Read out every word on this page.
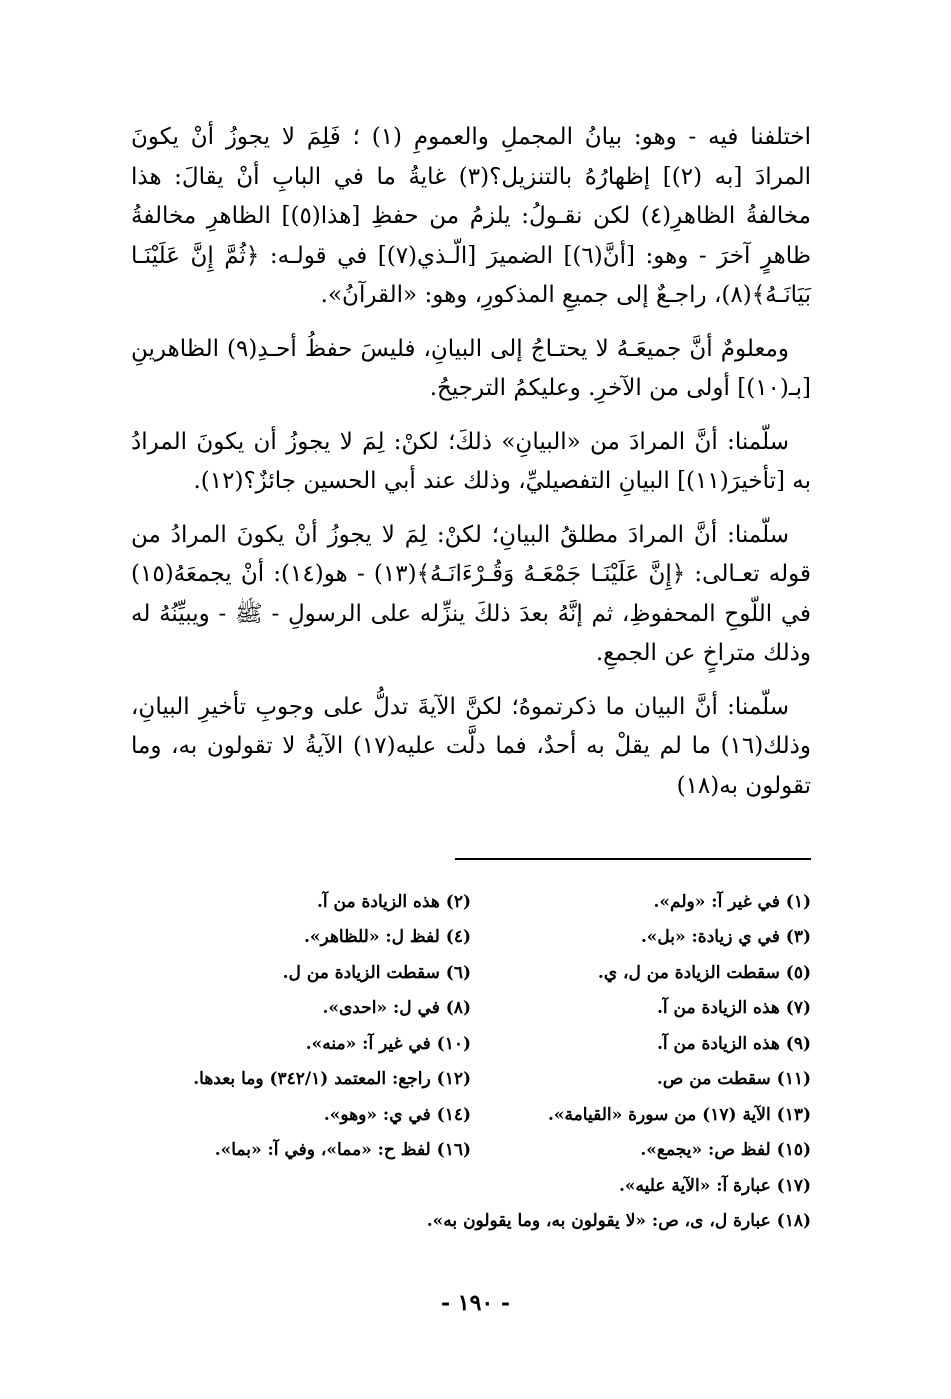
اختلفنا فيه - وهو: بيانُ المجملِ والعمومِ (١) ؛ فَلِمَ لا يجوزُ أنْ يكونَ المرادَ [به (٢)] إظهارُهُ بالتنزيل؟(٣) غايةُ ما في البابِ أنْ يقالَ: هذا مخالفةُ الظاهرِ(٤) لكن نقـولُ: يلزمُ من حفظِ [هذا(٥)] الظاهرِ مخالفةُ ظاهرٍ آخرَ - وهو: [أنَّ(٦)] الضميرَ [الّـذي(٧)] في قولـه: ﴿ثُمَّ إِنَّ عَلَيْنَـا بَيَانَـهُ﴾(٨)، راجـعٌ إلى جميعِ المذكورِ، وهو: «القرآنُ».

ومعلومٌ أنَّ جميعَـهُ لا يحتـاجُ إلى البيانِ، فليسَ حفظُ أحـدِ(٩) الظاهرينِ [بـ(١٠)] أولى من الآخرِ. وعليكمُ الترجيحُ.

سلّمنا: أنَّ المرادَ من «البيانِ» ذلكَ؛ لكنْ: لِمَ لا يجوزُ أن يكونَ المرادُ به [تأخيرَ(١١)] البيانِ التفصيليِّ، وذلك عند أبي الحسين جائزٌ؟(١٢).

سلّمنا: أنَّ المرادَ مطلقُ البيانِ؛ لكنْ: لِمَ لا يجوزُ أنْ يكونَ المرادُ من قوله تعـالى: ﴿إِنَّ عَلَيْنَـا جَمْعَـهُ وَقُـرْءَانَـهُ﴾(١٣) - هو(١٤): أنْ يجمعَهُ(١٥) في اللّوحِ المحفوظِ، ثم إنَّهُ بعدَ ذلكَ ينزِّله على الرسولِ - ﷺ - ويبيِّنُهُ له وذلك متراخٍ عن الجمعِ.

سلّمنا: أنَّ البيان ما ذكرتموهُ؛ لكنَّ الآيةَ تدلُّ على وجوبِ تأخيرِ البيانِ، وذلك(١٦) ما لم يقلْ به أحدٌ، فما دلَّت عليه(١٧) الآيةُ لا تقولون به، وما تقولون به(١٨)

(١) في غير آ: «ولم».
(٢) هذه الزيادة من آ.
(٣) في ي زيادة: «بل».
(٤) لفظ ل: «للظاهر».
(٥) سقطت الزيادة من ل، ي.
(٦) سقطت الزيادة من ل.
(٧) هذه الزيادة من آ.
(٨) في ل: «احدى».
(٩) هذه الزيادة من آ.
(١٠) في غير آ: «منه».
(١١) سقطت من ص.
(١٢) راجع: المعتمد (٣٤٢/١) وما بعدها.
(١٣) الآية (١٧) من سورة «القيامة».
(١٤) في ي: «وهو».
(١٥) لفظ ص: «يجمع».
(١٦) لفظ ح: «مما»، وفي آ: «بما».
(١٧) عبارة آ: «الآية عليه».
(١٨) عبارة ل، ى، ص: «لا يقولون به، وما يقولون به».
- ١٩٠ -
